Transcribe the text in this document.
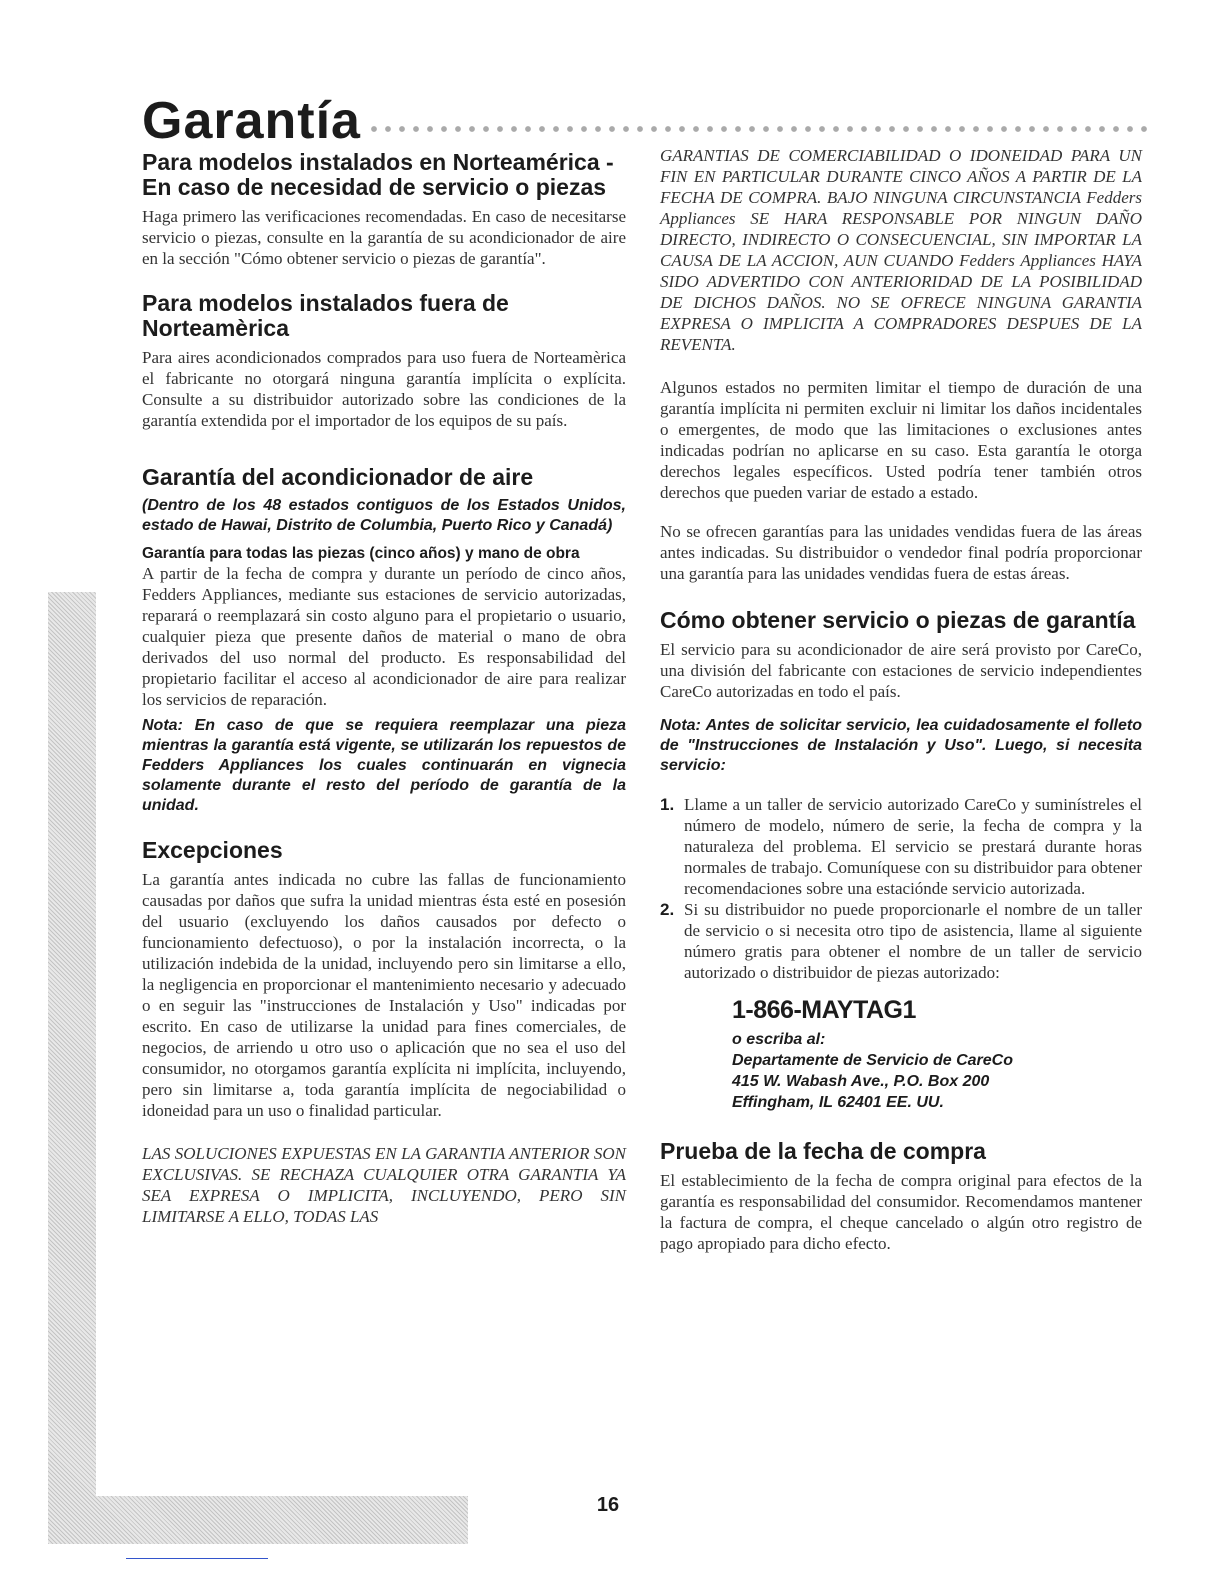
Garantía
Para modelos instalados en Norteamérica - En caso de necesidad de servicio o piezas

Haga primero las verificaciones recomendadas. En caso de necesitarse servicio o piezas, consulte en la garantía de su acondicionador de aire en la sección "Cómo obtener servicio o piezas de garantía".

Para modelos instalados fuera de Norteamèrica

Para aires acondicionados comprados para uso fuera de Norteamèrica el fabricante no otorgará ninguna garantía implícita o explícita. Consulte a su distribuidor autorizado sobre las condiciones de la garantía extendida por el importador de los equipos de su país.

Garantía del acondicionador de aire
(Dentro de los 48 estados contiguos de los Estados Unidos, estado de Hawai, Distrito de Columbia, Puerto Rico y Canadá)
Garantía para todas las piezas (cinco años) y mano de obra

A partir de la fecha de compra y durante un período de cinco años, Fedders Appliances, mediante sus estaciones de servicio autorizadas, reparará o reemplazará sin costo alguno para el propietario o usuario, cualquier pieza que presente daños de material o mano de obra derivados del uso normal del producto. Es responsabilidad del propietario facilitar el acceso al acondicionador de aire para realizar los servicios de reparación.

Nota: En caso de que se requiera reemplazar una pieza mientras la garantía está vigente, se utilizarán los repuestos de Fedders Appliances los cuales continuarán en vignecia solamente durante el resto del período de garantía de la unidad.
Excepciones

La garantía antes indicada no cubre las fallas de funcionamiento causadas por daños que sufra la unidad mientras ésta esté en posesión del usuario (excluyendo los daños causados por defecto o funcionamiento defectuoso), o por la instalación incorrecta, o la utilización indebida de la unidad, incluyendo pero sin limitarse a ello, la negligencia en proporcionar el mantenimiento necesario y adecuado o en seguir las "instrucciones de Instalación y Uso" indicadas por escrito. En caso de utilizarse la unidad para fines comerciales, de negocios, de arriendo u otro uso o aplicación que no sea el uso del consumidor, no otorgamos garantía explícita ni implícita, incluyendo, pero sin limitarse a, toda garantía implícita de negociabilidad o idoneidad para un uso o finalidad particular.

LAS SOLUCIONES EXPUESTAS EN LA GARANTIA ANTERIOR SON EXCLUSIVAS. SE RECHAZA CUALQUIER OTRA GARANTIA YA SEA EXPRESA O IMPLICITA, INCLUYENDO, PERO SIN LIMITARSE A ELLO, TODAS LAS

GARANTIAS DE COMERCIABILIDAD O IDONEIDAD PARA UN FIN EN PARTICULAR DURANTE CINCO AÑOS A PARTIR DE LA FECHA DE COMPRA. BAJO NINGUNA CIRCUNSTANCIA Fedders Appliances SE HARA RESPONSABLE POR NINGUN DAÑO DIRECTO, INDIRECTO O CONSECUENCIAL, SIN IMPORTAR LA CAUSA DE LA ACCION, AUN CUANDO Fedders Appliances HAYA SIDO ADVERTIDO CON ANTERIORIDAD DE LA POSIBILIDAD DE DICHOS DAÑOS. NO SE OFRECE NINGUNA GARANTIA EXPRESA O IMPLICITA A COMPRADORES DESPUES DE LA REVENTA.

Algunos estados no permiten limitar el tiempo de duración de una garantía implícita ni permiten excluir ni limitar los daños incidentales o emergentes, de modo que las limitaciones o exclusiones antes indicadas podrían no aplicarse en su caso. Esta garantía le otorga derechos legales específicos. Usted podría tener también otros derechos que pueden variar de estado a estado.

No se ofrecen garantías para las unidades vendidas fuera de las áreas antes indicadas. Su distribuidor o vendedor final podría proporcionar una garantía para las unidades vendidas fuera de estas áreas.

Cómo obtener servicio o piezas de garantía

El servicio para su acondicionador de aire será provisto por CareCo, una división del fabricante con estaciones de servicio independientes CareCo autorizadas en todo el país.

Nota: Antes de solicitar servicio, lea cuidadosamente el folleto de "Instrucciones de Instalación y Uso". Luego, si necesita servicio:
1. Llame a un taller de servicio autorizado CareCo y suminístreles el número de modelo, número de serie, la fecha de compra y la naturaleza del problema. El servicio se prestará durante horas normales de trabajo. Comuníquese con su distribuidor para obtener recomendaciones sobre una estaciónde servicio autorizada.

2. Si su distribuidor no puede proporcionarle el nombre de un taller de servicio o si necesita otro tipo de asistencia, llame al siguiente número gratis para obtener el nombre de un taller de servicio autorizado o distribuidor de piezas autorizado:

1-866-MAYTAG1
o escriba al:
Departamente de Servicio de CareCo
415 W. Wabash Ave., P.O. Box 200
Effingham, IL 62401 EE. UU.
Prueba de la fecha de compra

El establecimiento de la fecha de compra original para efectos de la garantía es responsabilidad del consumidor. Recomendamos mantener la factura de compra, el cheque cancelado o algún otro registro de pago apropiado para dicho efecto.

16
